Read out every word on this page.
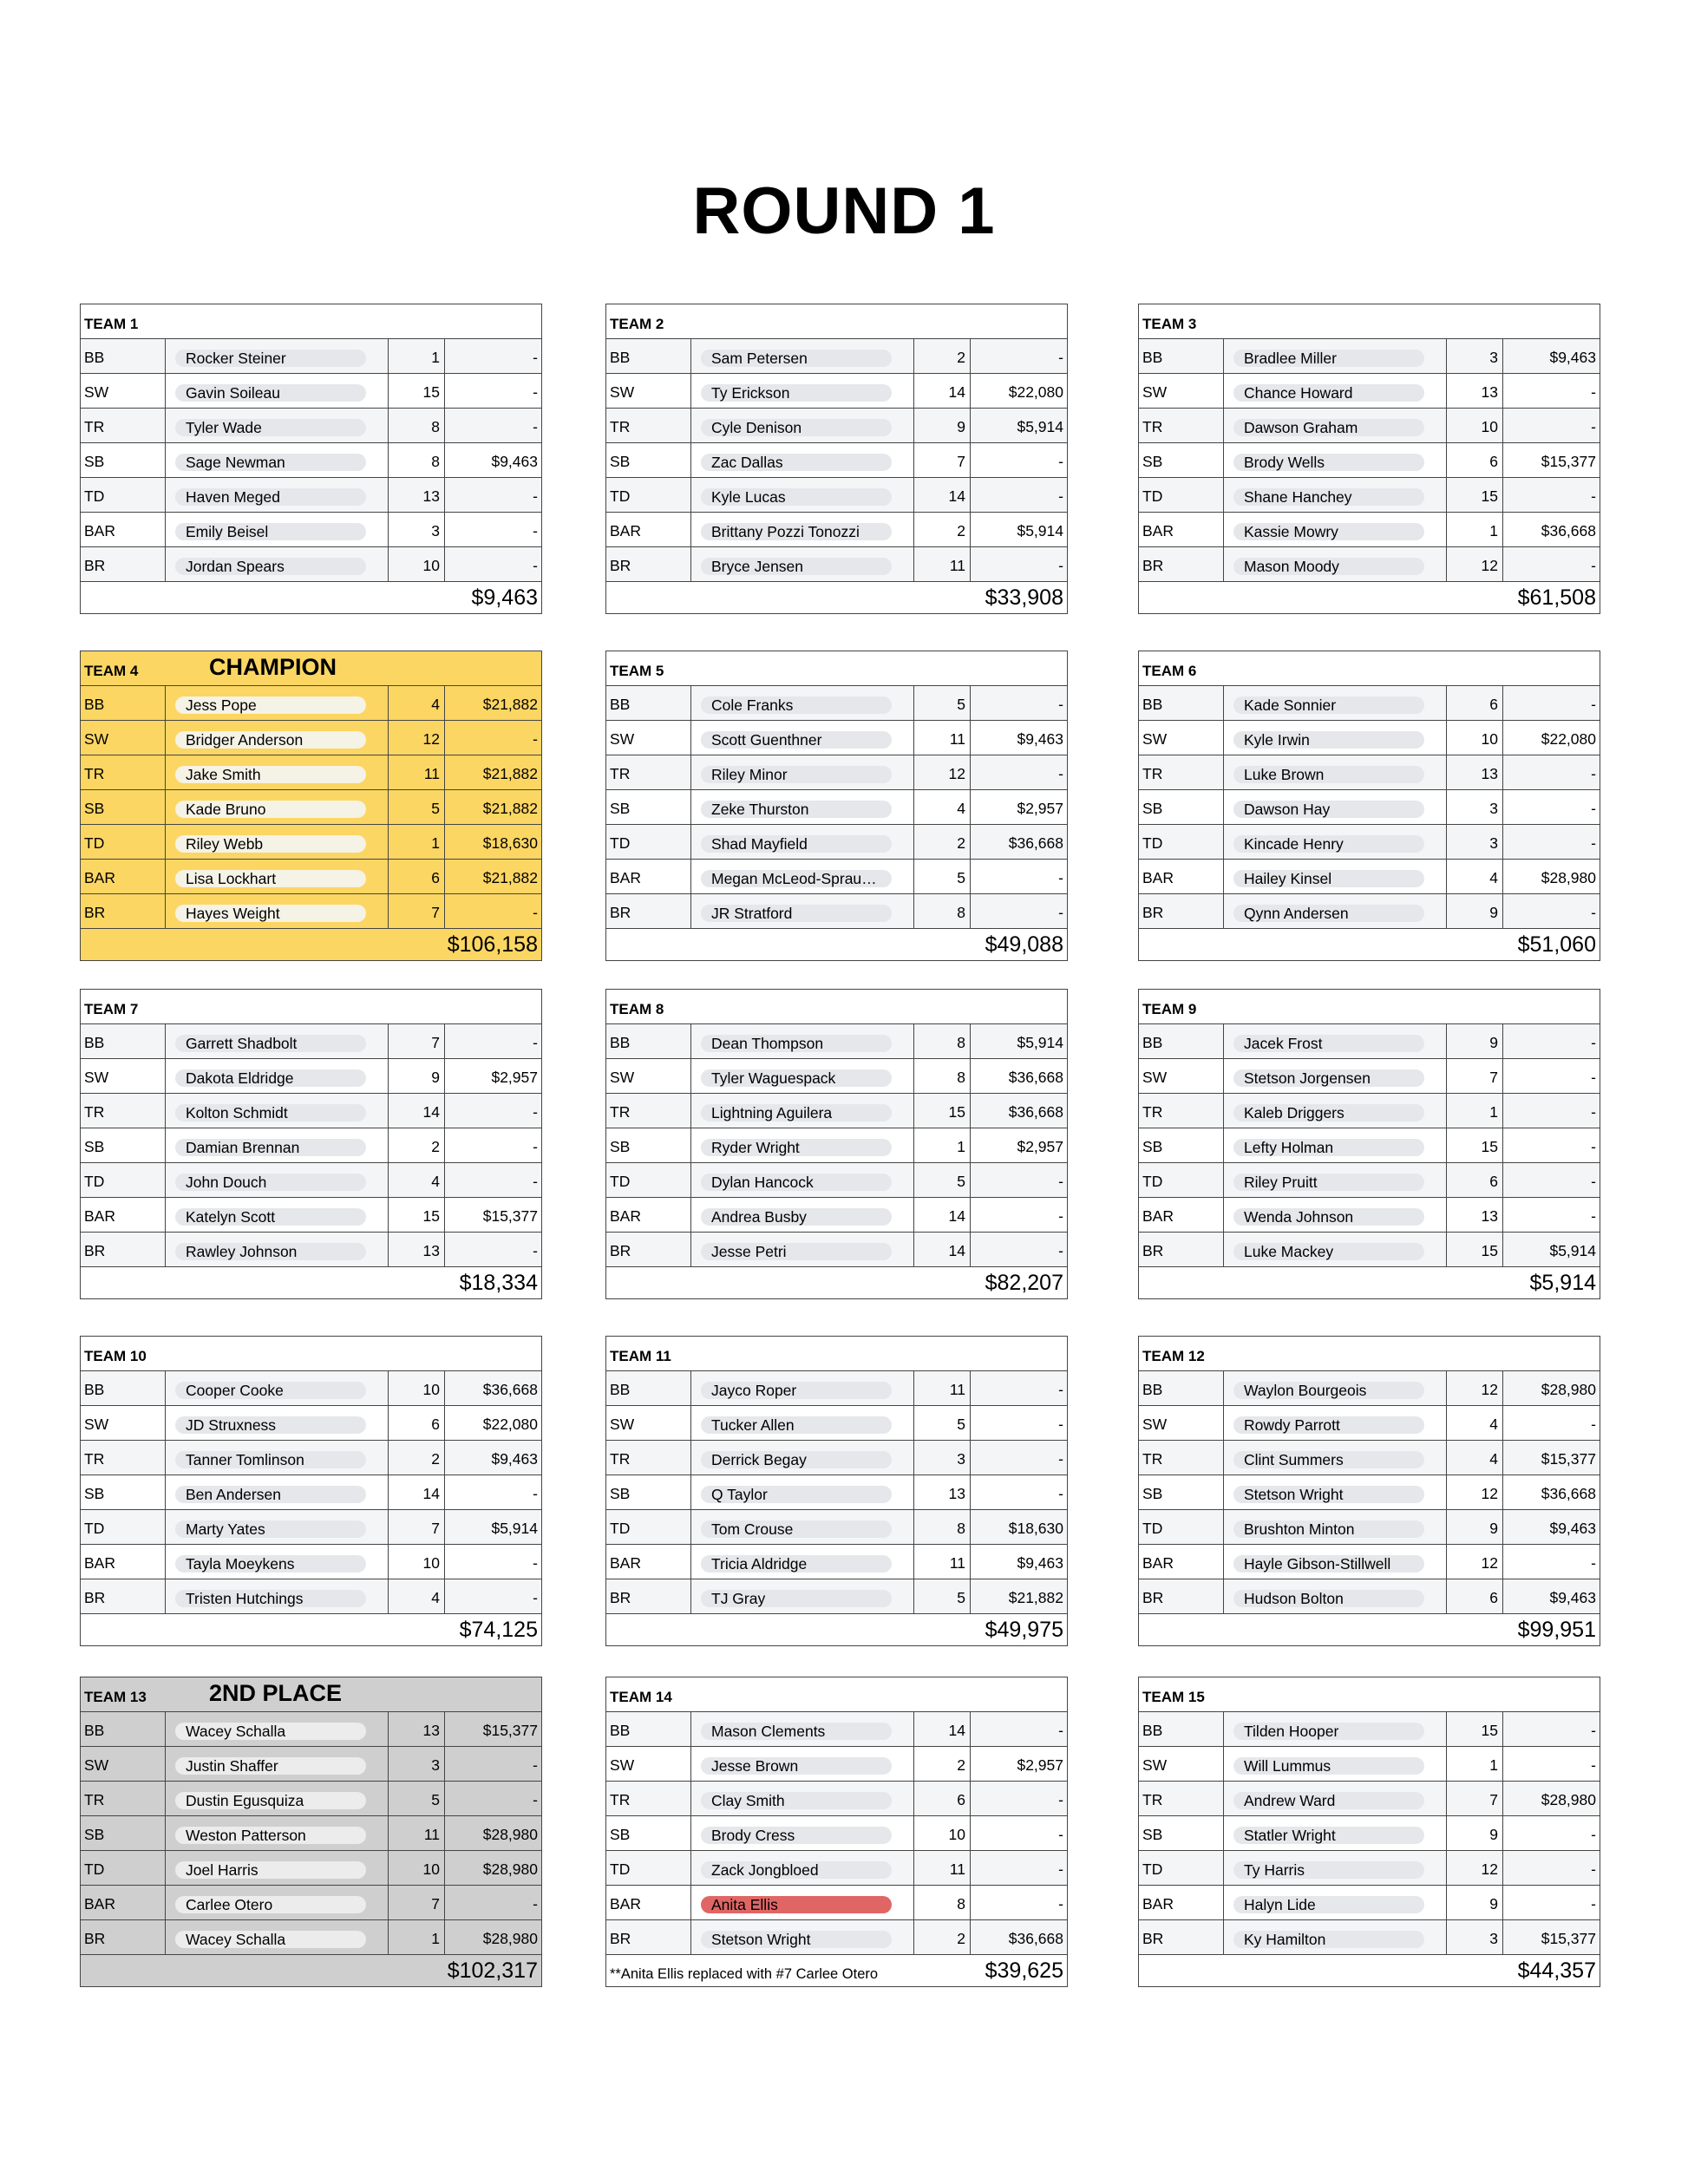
ROUND 1
TEAM 1
BB	Rocker Steiner	1	-
SW	Gavin Soileau	15	-
TR	Tyler Wade	8	-
SB	Sage Newman	8	$9,463
TD	Haven Meged	13	-
BAR	Emily Beisel	3	-
BR	Jordan Spears	10	-
$9,463
TEAM 2
BB	Sam Petersen	2	-
SW	Ty Erickson	14	$22,080
TR	Cyle Denison	9	$5,914
SB	Zac Dallas	7	-
TD	Kyle Lucas	14	-
BAR	Brittany Pozzi Tonozzi	2	$5,914
BR	Bryce Jensen	11	-
$33,908
TEAM 3
BB	Bradlee Miller	3	$9,463
SW	Chance Howard	13	-
TR	Dawson Graham	10	-
SB	Brody Wells	6	$15,377
TD	Shane Hanchey	15	-
BAR	Kassie Mowry	1	$36,668
BR	Mason Moody	12	-
$61,508
TEAM 4	CHAMPION
BB	Jess Pope	4	$21,882
SW	Bridger Anderson	12	-
TR	Jake Smith	11	$21,882
SB	Kade Bruno	5	$21,882
TD	Riley Webb	1	$18,630
BAR	Lisa Lockhart	6	$21,882
BR	Hayes Weight	7	-
$106,158
TEAM 5
BB	Cole Franks	5	-
SW	Scott Guenthner	11	$9,463
TR	Riley Minor	12	-
SB	Zeke Thurston	4	$2,957
TD	Shad Mayfield	2	$36,668
BAR	Megan McLeod-Sprau…	5	-
BR	JR Stratford	8	-
$49,088
TEAM 6
BB	Kade Sonnier	6	-
SW	Kyle Irwin	10	$22,080
TR	Luke Brown	13	-
SB	Dawson Hay	3	-
TD	Kincade Henry	3	-
BAR	Hailey Kinsel	4	$28,980
BR	Qynn Andersen	9	-
$51,060
TEAM 7
BB	Garrett Shadbolt	7	-
SW	Dakota Eldridge	9	$2,957
TR	Kolton Schmidt	14	-
SB	Damian Brennan	2	-
TD	John Douch	4	-
BAR	Katelyn Scott	15	$15,377
BR	Rawley Johnson	13	-
$18,334
TEAM 8
BB	Dean Thompson	8	$5,914
SW	Tyler Waguespack	8	$36,668
TR	Lightning Aguilera	15	$36,668
SB	Ryder Wright	1	$2,957
TD	Dylan Hancock	5	-
BAR	Andrea Busby	14	-
BR	Jesse Petri	14	-
$82,207
TEAM 9
BB	Jacek Frost	9	-
SW	Stetson Jorgensen	7	-
TR	Kaleb Driggers	1	-
SB	Lefty Holman	15	-
TD	Riley Pruitt	6	-
BAR	Wenda Johnson	13	-
BR	Luke Mackey	15	$5,914
$5,914
TEAM 10
BB	Cooper Cooke	10	$36,668
SW	JD Struxness	6	$22,080
TR	Tanner Tomlinson	2	$9,463
SB	Ben Andersen	14	-
TD	Marty Yates	7	$5,914
BAR	Tayla Moeykens	10	-
BR	Tristen Hutchings	4	-
$74,125
TEAM 11
BB	Jayco Roper	11	-
SW	Tucker Allen	5	-
TR	Derrick Begay	3	-
SB	Q Taylor	13	-
TD	Tom Crouse	8	$18,630
BAR	Tricia Aldridge	11	$9,463
BR	TJ Gray	5	$21,882
$49,975
TEAM 12
BB	Waylon Bourgeois	12	$28,980
SW	Rowdy Parrott	4	-
TR	Clint Summers	4	$15,377
SB	Stetson Wright	12	$36,668
TD	Brushton Minton	9	$9,463
BAR	Hayle Gibson-Stillwell	12	-
BR	Hudson Bolton	6	$9,463
$99,951
TEAM 13	2ND PLACE
BB	Wacey Schalla	13	$15,377
SW	Justin Shaffer	3	-
TR	Dustin Egusquiza	5	-
SB	Weston Patterson	11	$28,980
TD	Joel Harris	10	$28,980
BAR	Carlee Otero	7	-
BR	Wacey Schalla	1	$28,980
$102,317
TEAM 14
BB	Mason Clements	14	-
SW	Jesse Brown	2	$2,957
TR	Clay Smith	6	-
SB	Brody Cress	10	-
TD	Zack Jongbloed	11	-
BAR	Anita Ellis	8	-
BR	Stetson Wright	2	$36,668
**Anita Ellis replaced with #7 Carlee Otero	$39,625
TEAM 15
BB	Tilden Hooper	15	-
SW	Will Lummus	1	-
TR	Andrew Ward	7	$28,980
SB	Statler Wright	9	-
TD	Ty Harris	12	-
BAR	Halyn Lide	9	-
BR	Ky Hamilton	3	$15,377
$44,357
